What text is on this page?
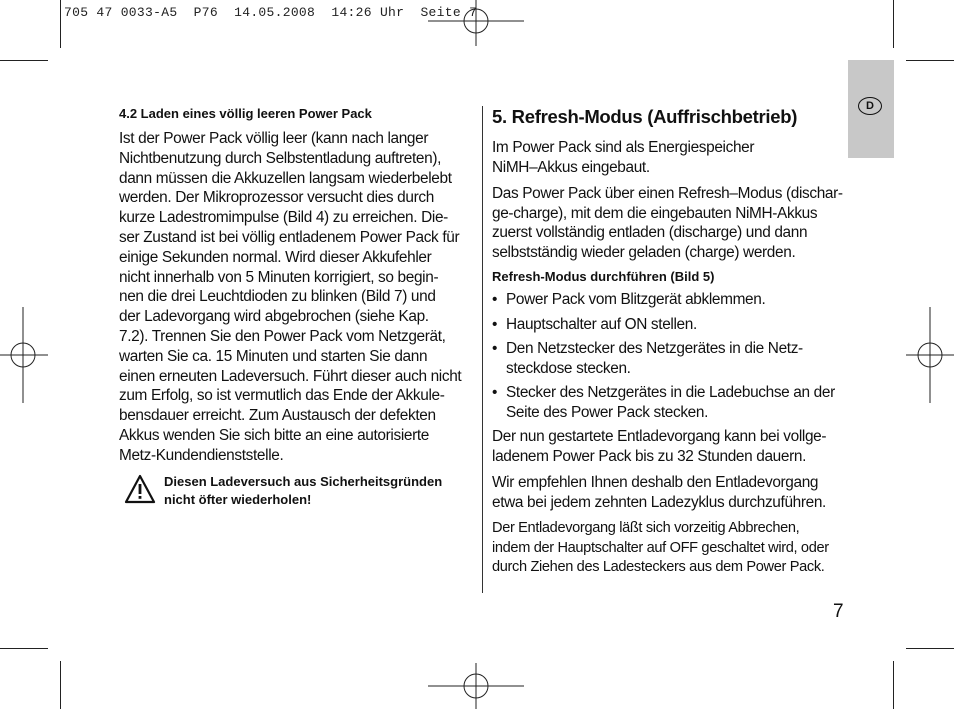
705 47 0033-A5  P76  14.05.2008  14:26 Uhr  Seite 7
D
4.2 Laden eines völlig leeren Power Pack
Ist der Power Pack völlig leer (kann nach langer
Nichtbenutzung durch Selbstentladung auftreten),
dann müssen die Akkuzellen langsam wiederbelebt
werden. Der Mikroprozessor versucht dies durch
kurze Ladestromimpulse (Bild 4) zu erreichen. Die-
ser Zustand ist bei völlig entladenem Power Pack für
einige Sekunden normal. Wird dieser Akkufehler
nicht innerhalb von 5 Minuten korrigiert, so begin-
nen die drei Leuchtdioden zu blinken (Bild 7) und
der Ladevorgang wird abgebrochen (siehe Kap.
7.2). Trennen Sie den Power Pack vom Netzgerät,
warten Sie ca. 15 Minuten und starten Sie dann
einen erneuten Ladeversuch. Führt dieser auch nicht
zum Erfolg, so ist vermutlich das Ende der Akkule-
bensdauer erreicht. Zum Austausch der defekten
Akkus wenden Sie sich bitte an eine autorisierte
Metz-Kundendienststelle.
Diesen Ladeversuch aus Sicherheitsgründen
nicht öfter wiederholen!
5. Refresh-Modus (Auffrischbetrieb)
Im Power Pack sind als Energiespeicher
NiMH–Akkus eingebaut.
Das Power Pack über einen Refresh–Modus (dischar-
ge-charge), mit dem die eingebauten NiMH-Akkus
zuerst vollständig entladen (discharge) und dann
selbstständig wieder geladen (charge) werden.
Refresh-Modus durchführen (Bild 5)
• Power Pack vom Blitzgerät abklemmen.
• Hauptschalter auf ON stellen.
• Den Netzstecker des Netzgerätes in die Netz-
steckdose stecken.
• Stecker des Netzgerätes in die Ladebuchse an der
Seite des Power Pack stecken.
Der nun gestartete Entladevorgang kann bei vollge-
ladenem Power Pack bis zu 32 Stunden dauern.
Wir empfehlen Ihnen deshalb den Entladevorgang
etwa bei jedem zehnten Ladezyklus durchzuführen.
Der Entladevorgang läßt sich vorzeitig Abbrechen,
indem der Hauptschalter auf OFF geschaltet wird, oder
durch Ziehen des Ladesteckers aus dem Power Pack.
7
